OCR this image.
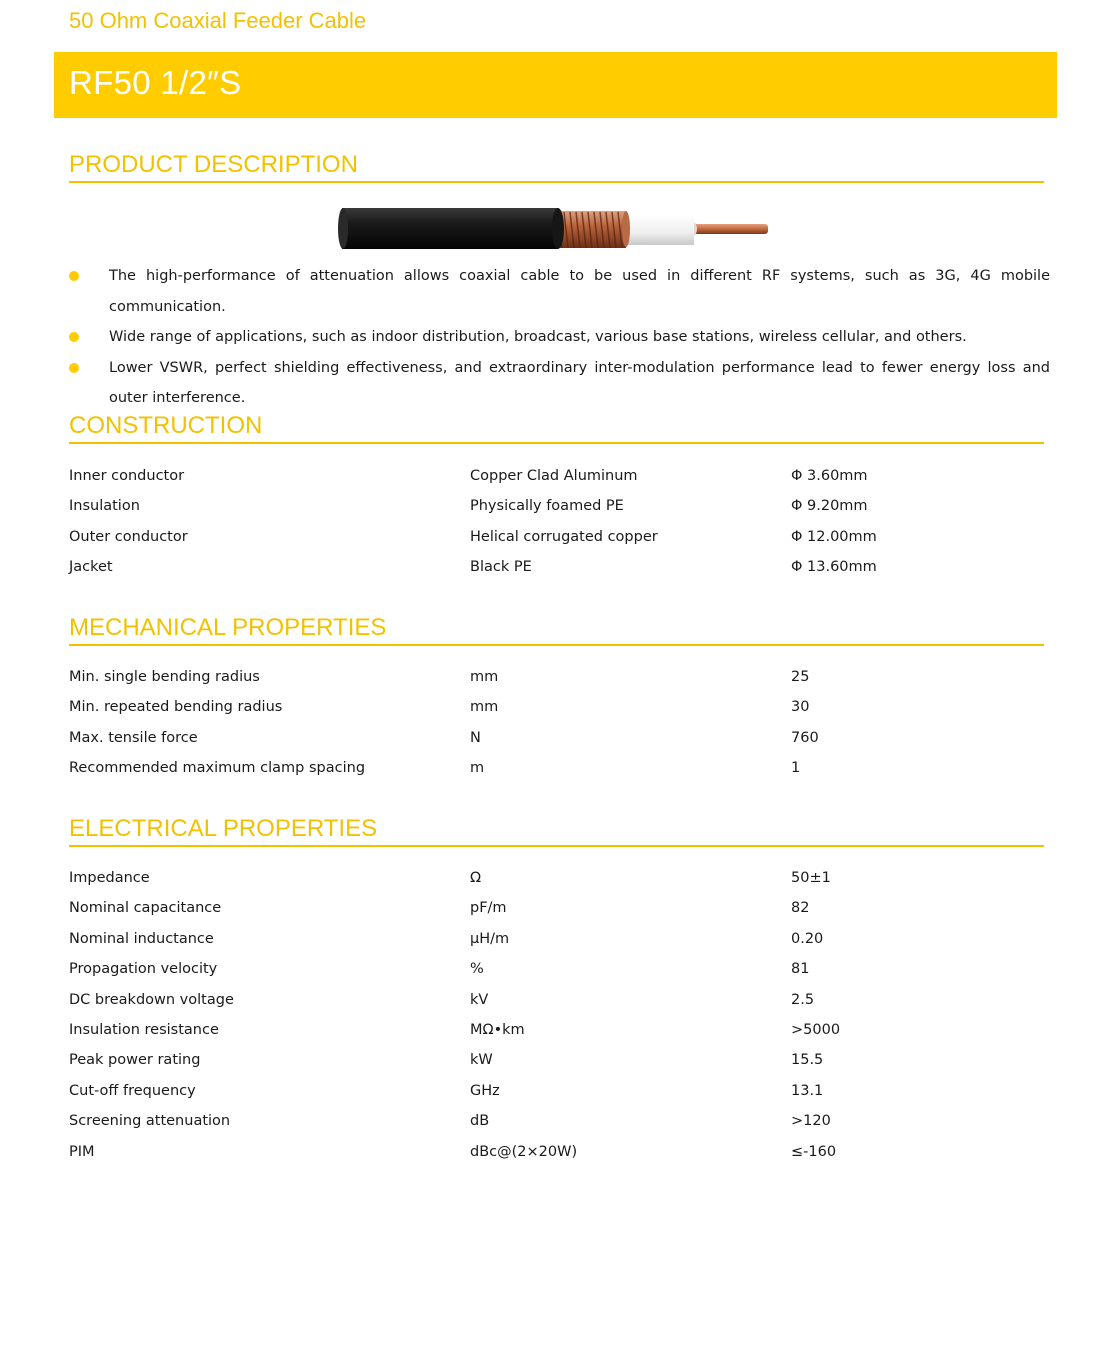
50 Ohm Coaxial Feeder Cable
RF50 1/2″S
PRODUCT DESCRIPTION
The high-performance of attenuation allows coaxial cable to be used in different RF systems, such as 3G, 4G mobile communication.
Wide range of applications, such as indoor distribution, broadcast, various base stations, wireless cellular, and others.
Lower VSWR, perfect shielding effectiveness, and extraordinary inter-modulation performance lead to fewer energy loss and outer interference.
CONSTRUCTION
Inner conductor	Copper Clad Aluminum	Φ 3.60mm
Insulation	Physically foamed PE	Φ 9.20mm
Outer conductor	Helical corrugated copper	Φ 12.00mm
Jacket	Black PE	Φ 13.60mm
MECHANICAL PROPERTIES
Min. single bending radius	mm	25
Min. repeated bending radius	mm	30
Max. tensile force	N	760
Recommended maximum clamp spacing	m	1
ELECTRICAL PROPERTIES
Impedance	Ω	50±1
Nominal capacitance	pF/m	82
Nominal inductance	µH/m	0.20
Propagation velocity	%	81
DC breakdown voltage	kV	2.5
Insulation resistance	MΩ•km	>5000
Peak power rating	kW	15.5
Cut-off frequency	GHz	13.1
Screening attenuation	dB	>120
PIM	dBc@(2×20W)	≤-160
